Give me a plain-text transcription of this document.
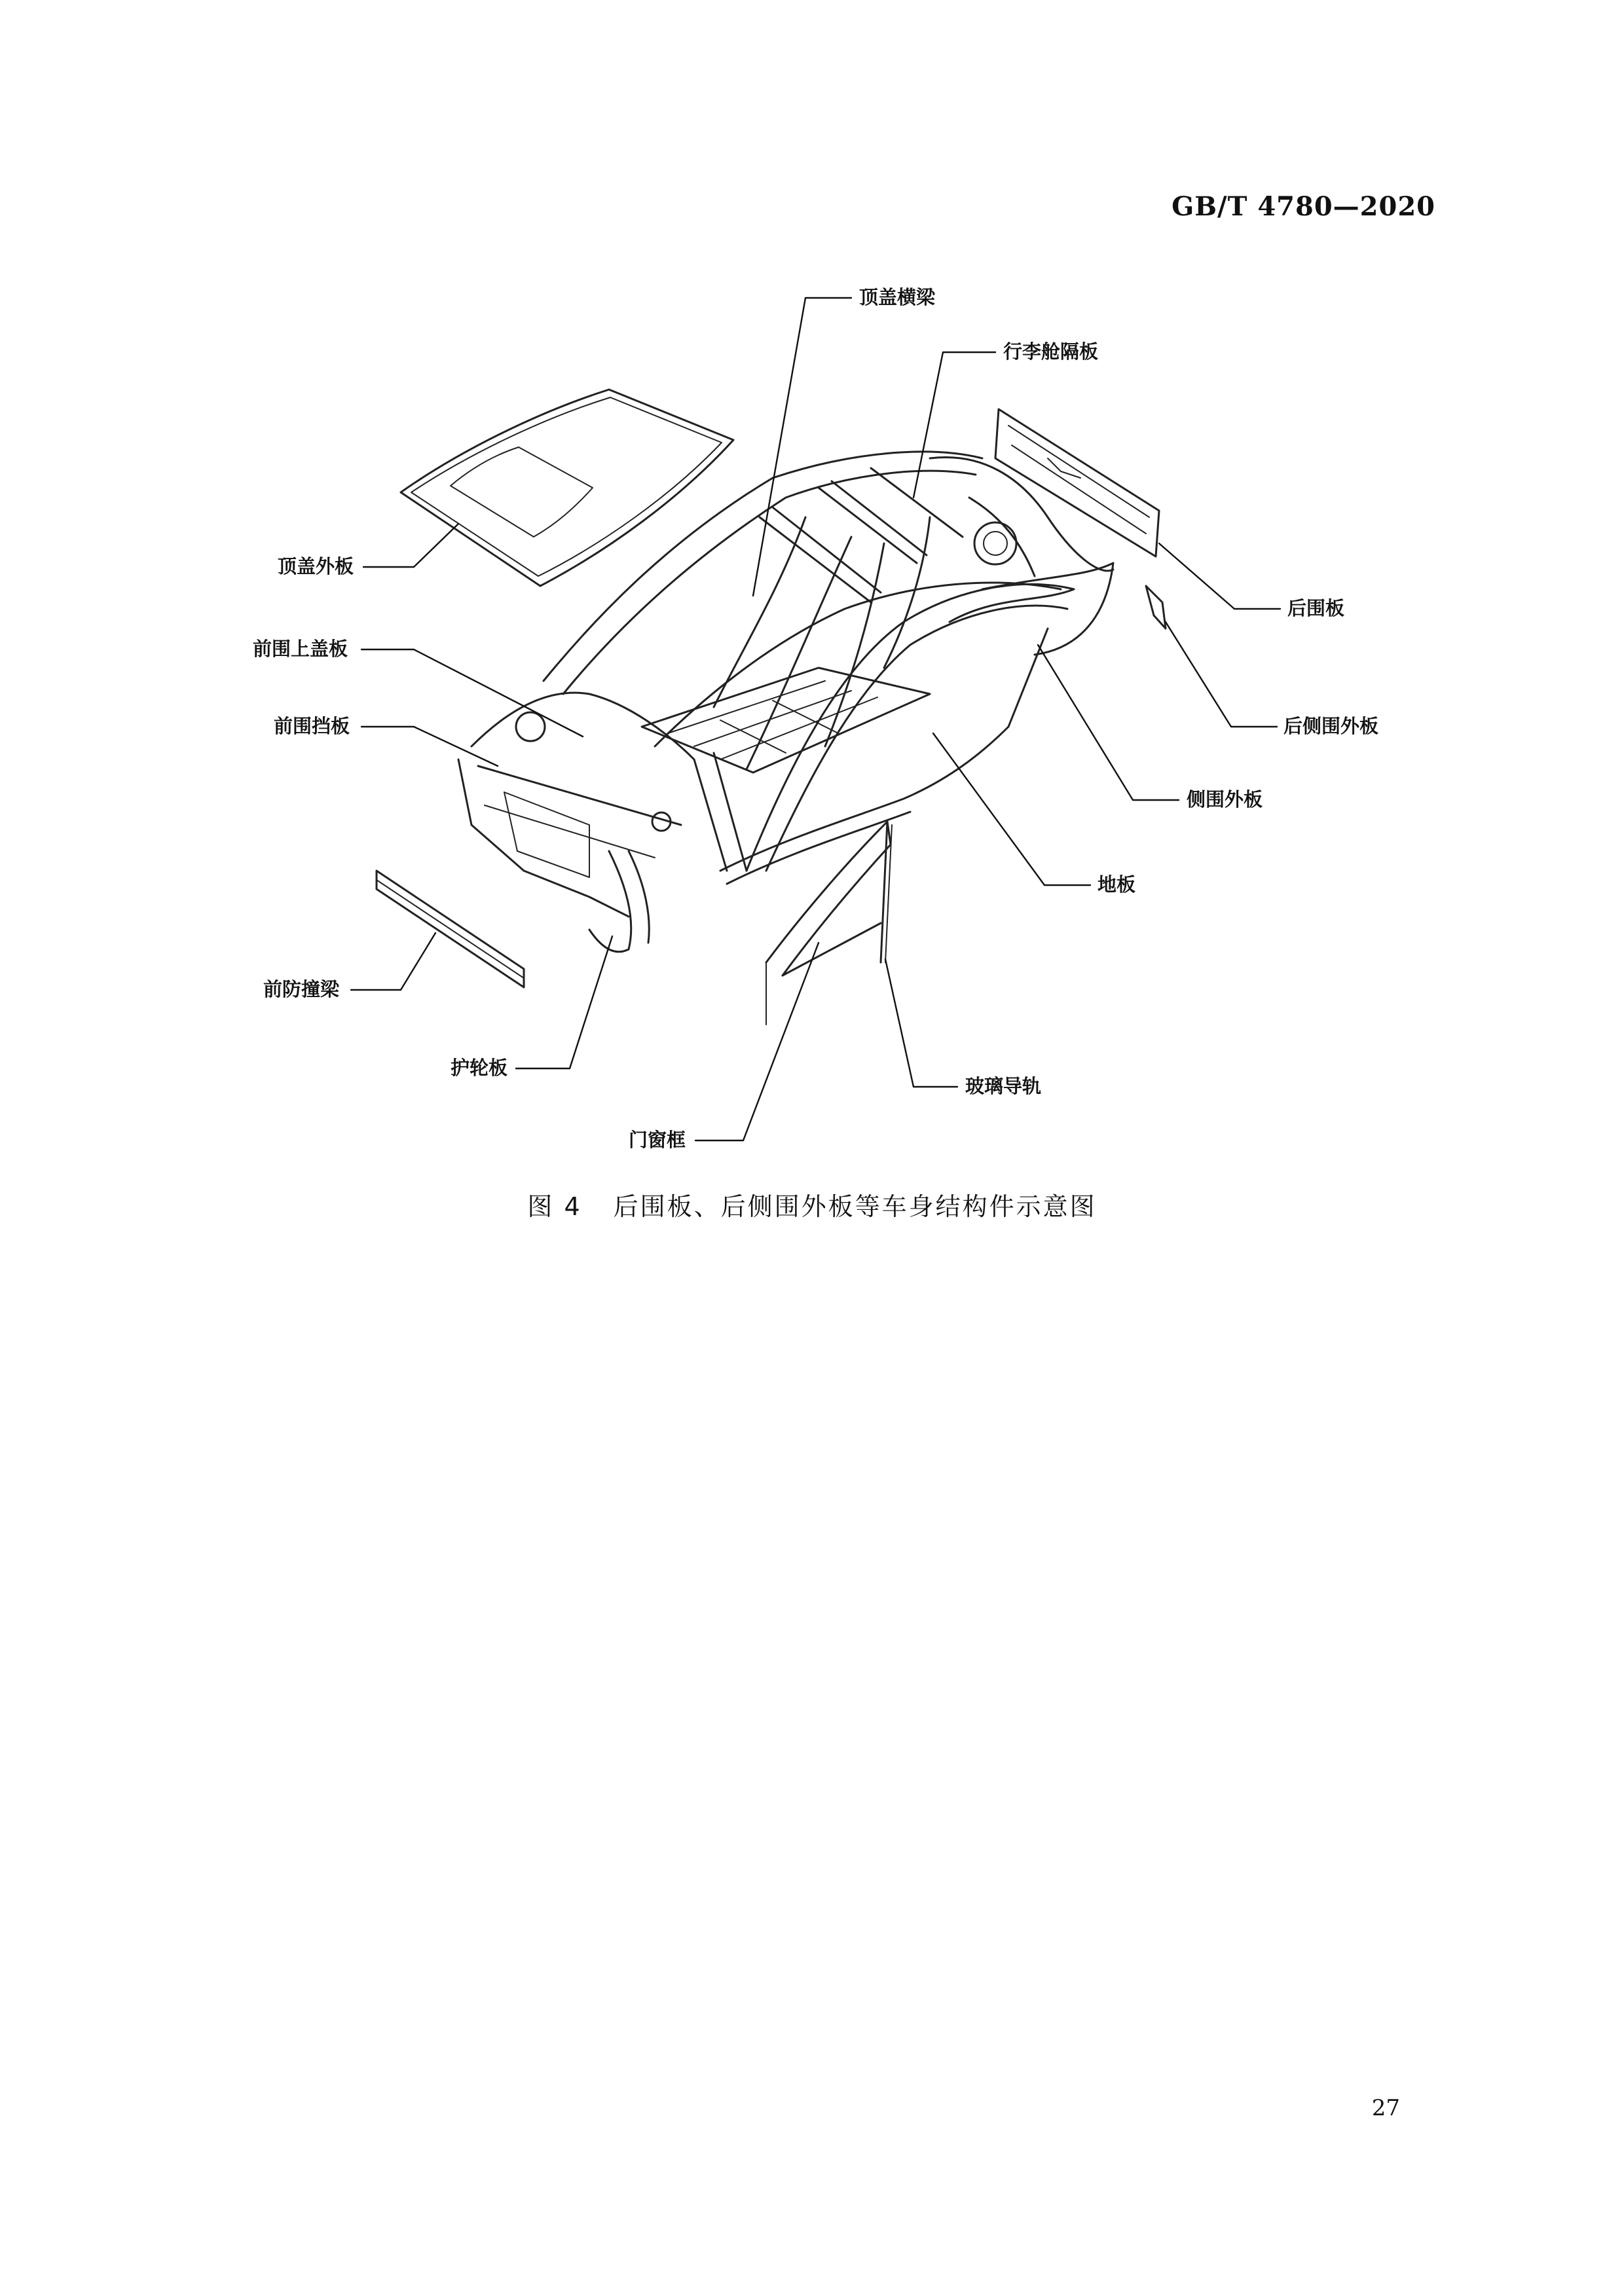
GB/T 4780—2020
顶盖横梁
行李舱隔板
顶盖外板
后围板
前围上盖板
后侧围外板
前围挡板
侧围外板
地板
前防撞梁
护轮板
玻璃导轨
门窗框
图 4 后围板、后侧围外板等车身结构件示意图
27
